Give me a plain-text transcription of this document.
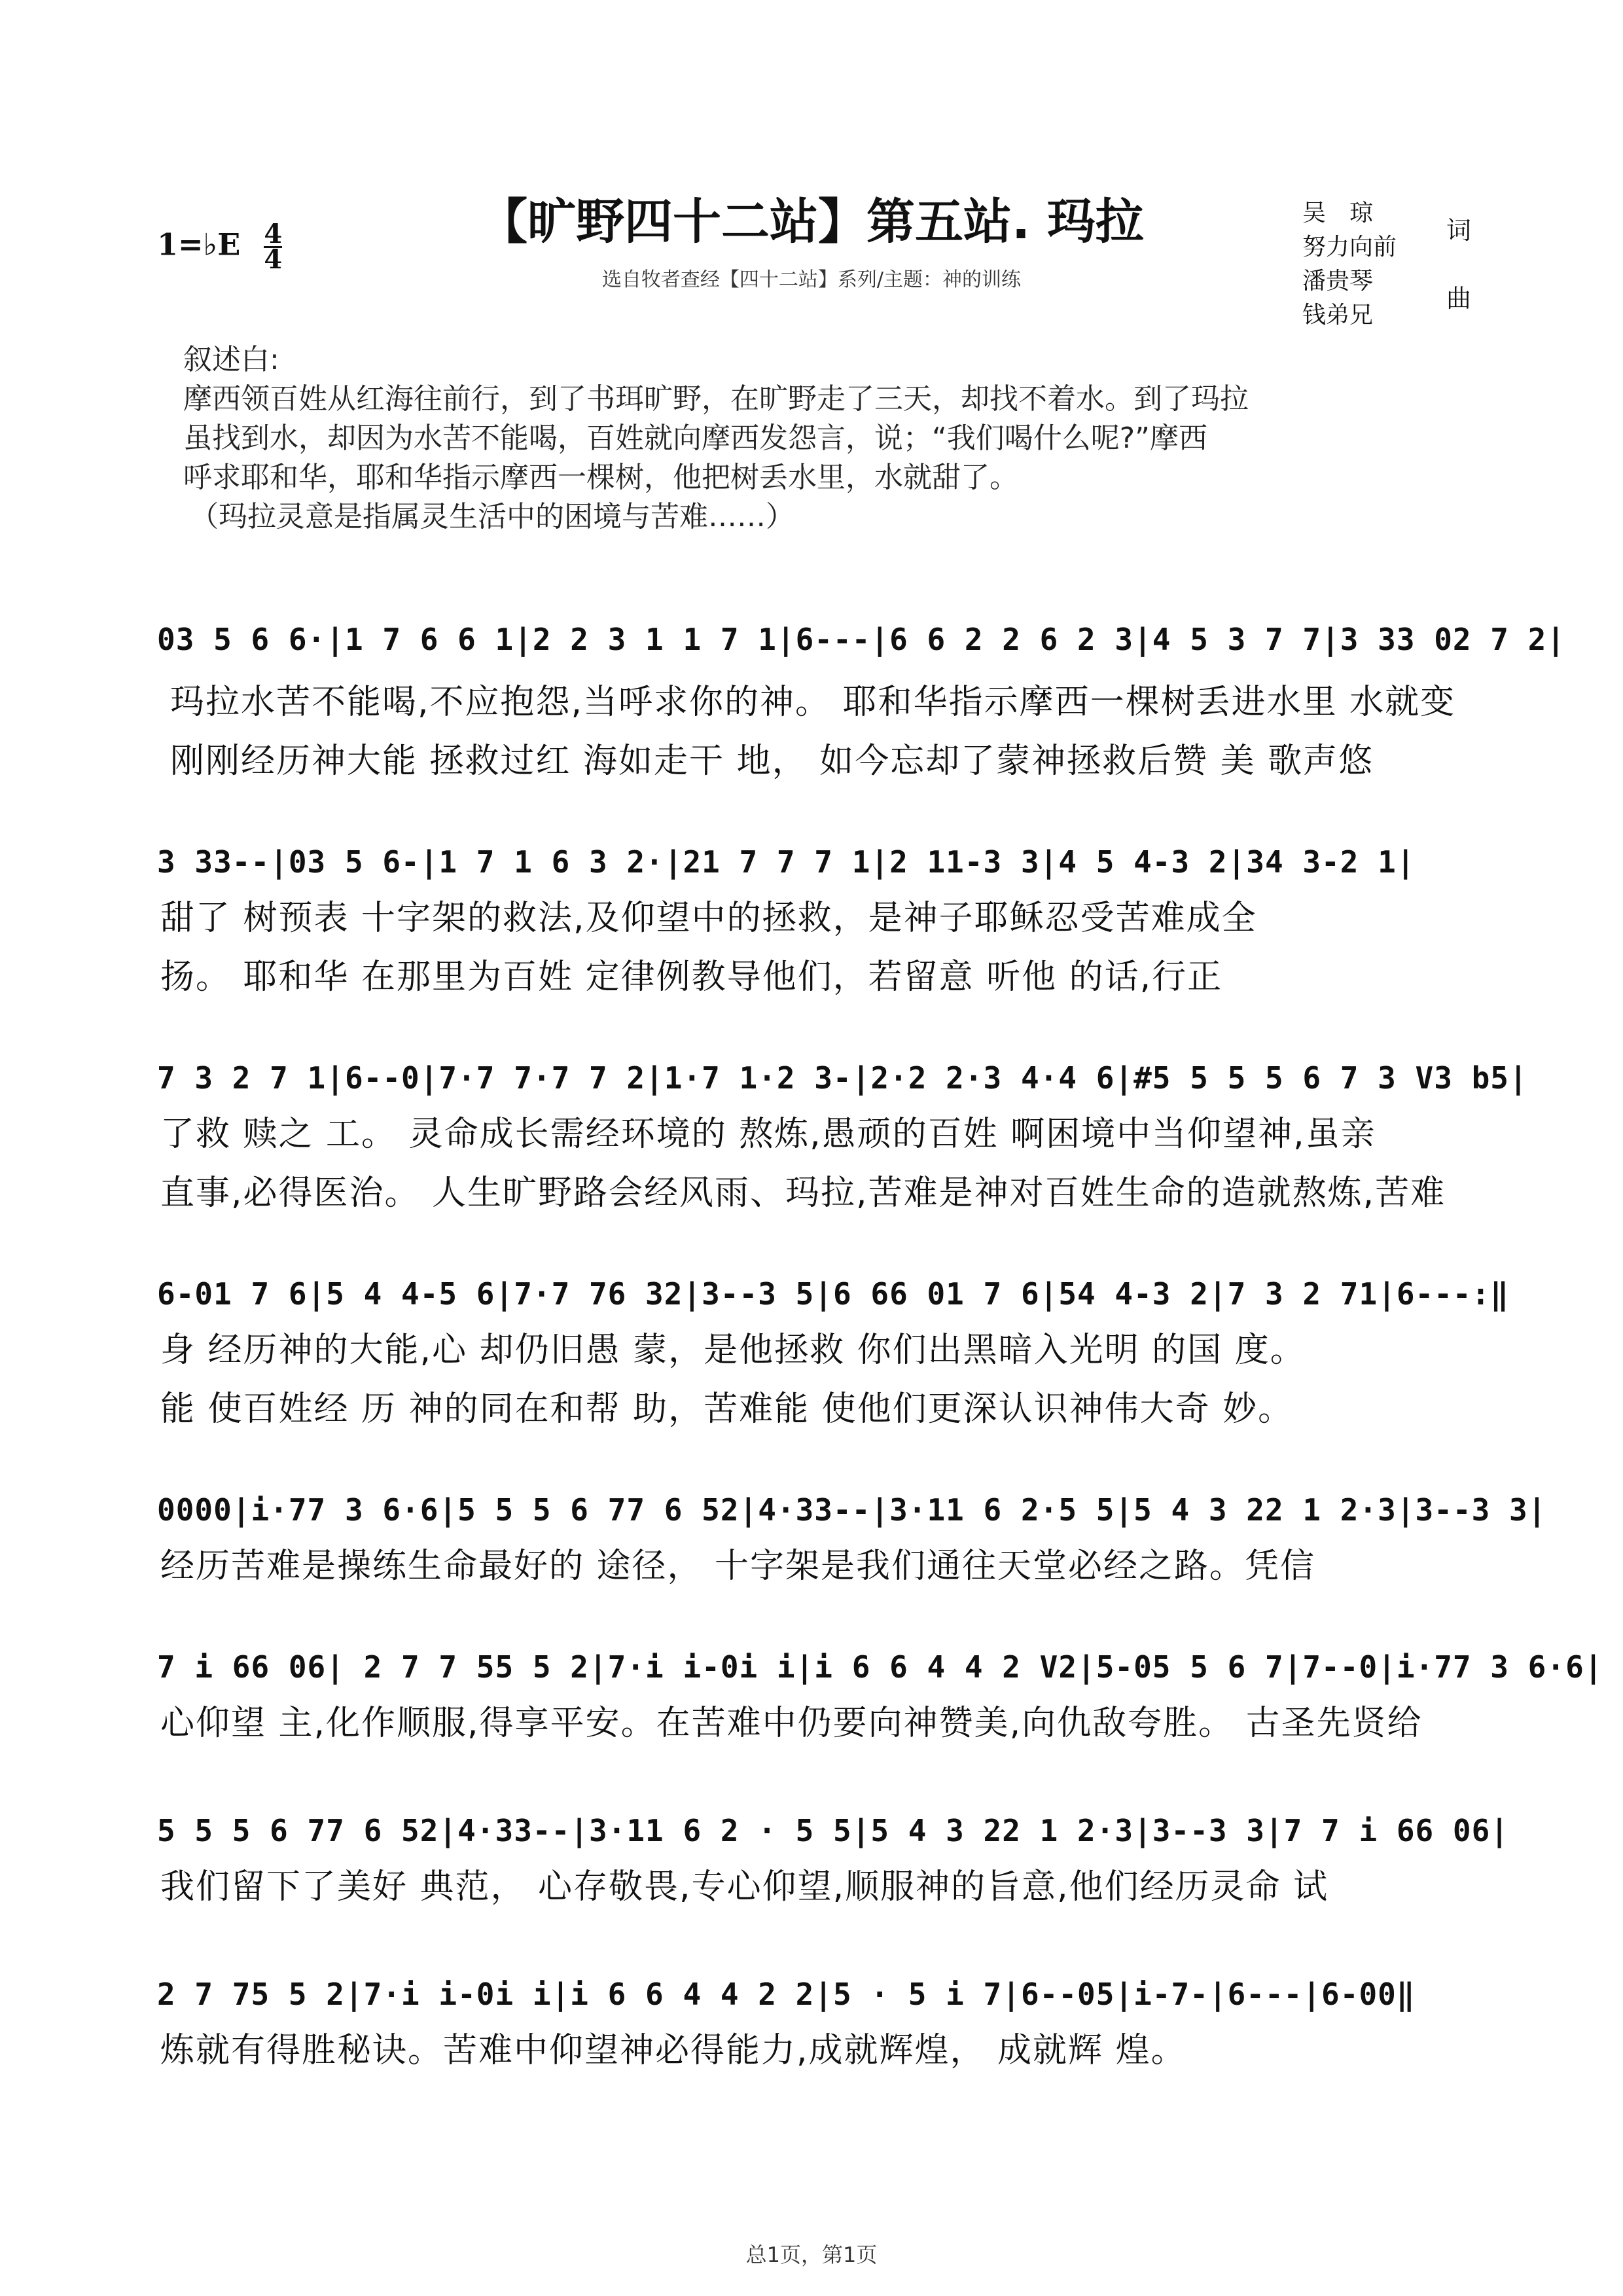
1=♭E $\frac{4}{4}$	【旷野四十二站】第五站. 玛拉
选自牧者查经【四十二站】系列/主题：神的训练
吴　琼
努力向前
潘贵琴
钱弟兄
词
曲
叙述白:
摩西领百姓从红海往前行，到了书珥旷野，在旷野走了三天，却找不着水。到了玛拉
虽找到水，却因为水苦不能喝，百姓就向摩西发怨言，说；“我们喝什么呢?”摩西
呼求耶和华，耶和华指示摩西一棵树，他把树丢水里，水就甜了。
（玛拉灵意是指属灵生活中的困境与苦难……）
03 5 6 6·|1 7 6 6 1|2 2 3 1 1 7 1|6---|6 6 2 2 6 2 3|4 5 3 7 7|3 33 02 7 2|
玛拉水苦不能喝,不应抱怨,当呼求你的神。 耶和华指示摩西一棵树丢进水里 水就变
刚刚经历神大能 拯救过红 海如走干 地， 如今忘却了蒙神拯救后赞 美 歌声悠
3 33--|03 5 6-|1 7 1 6 3 2·|21 7 7 7 1|2 11-3 3|4 5 4-3 2|34 3-2 1|
甜了 树预表 十字架的救法,及仰望中的拯救，是神子耶稣忍受苦难成全
扬。 耶和华 在那里为百姓 定律例教导他们，若留意 听他 的话,行正
7 3 2 7 1|6--0|7·7 7·7 7 2|1·7 1·2 3-|2·2 2·3 4·4 6|#5 5 5 5 6 7 3 V3 b5|
了救 赎之 工。 灵命成长需经环境的 熬炼,愚顽的百姓 啊困境中当仰望神,虽亲
直事,必得医治。 人生旷野路会经风雨、玛拉,苦难是神对百姓生命的造就熬炼,苦难
6-01 7 6|5 4 4-5 6|7·7 76 32|3--3 5|6 66 01 7 6|54 4-3 2|7 3 2 71|6---:‖
身 经历神的大能,心 却仍旧愚 蒙，是他拯救 你们出黑暗入光明 的国 度。
能 使百姓经 历 神的同在和帮 助，苦难能 使他们更深认识神伟大奇 妙。
0000|i·77 3 6·6|5 5 5 6 77 6 52|4·33--|3·11 6 2·5 5|5 4 3 22 1 2·3|3--3 3|
经历苦难是操练生命最好的 途径， 十字架是我们通往天堂必经之路。凭信
7 i 66 06| 2 7 7 55 5 2|7·i i-0i i|i 6 6 4 4 2 V2|5-05 5 6 7|7--0|i·77 3 6·6|
心仰望 主,化作顺服,得享平安。在苦难中仍要向神赞美,向仇敌夸胜。 古圣先贤给
5 5 5 6 77 6 52|4·33--|3·11 6 2 · 5 5|5 4 3 22 1 2·3|3--3 3|7 7 i 66 06|
我们留下了美好 典范， 心存敬畏,专心仰望,顺服神的旨意,他们经历灵命 试
2 7 75 5 2|7·i i-0i i|i 6 6 4 4 2 2|5 · 5 i 7|6--05|i-7-|6---|6-00‖
炼就有得胜秘诀。苦难中仰望神必得能力,成就辉煌， 成就辉 煌。
总1页，第1页
